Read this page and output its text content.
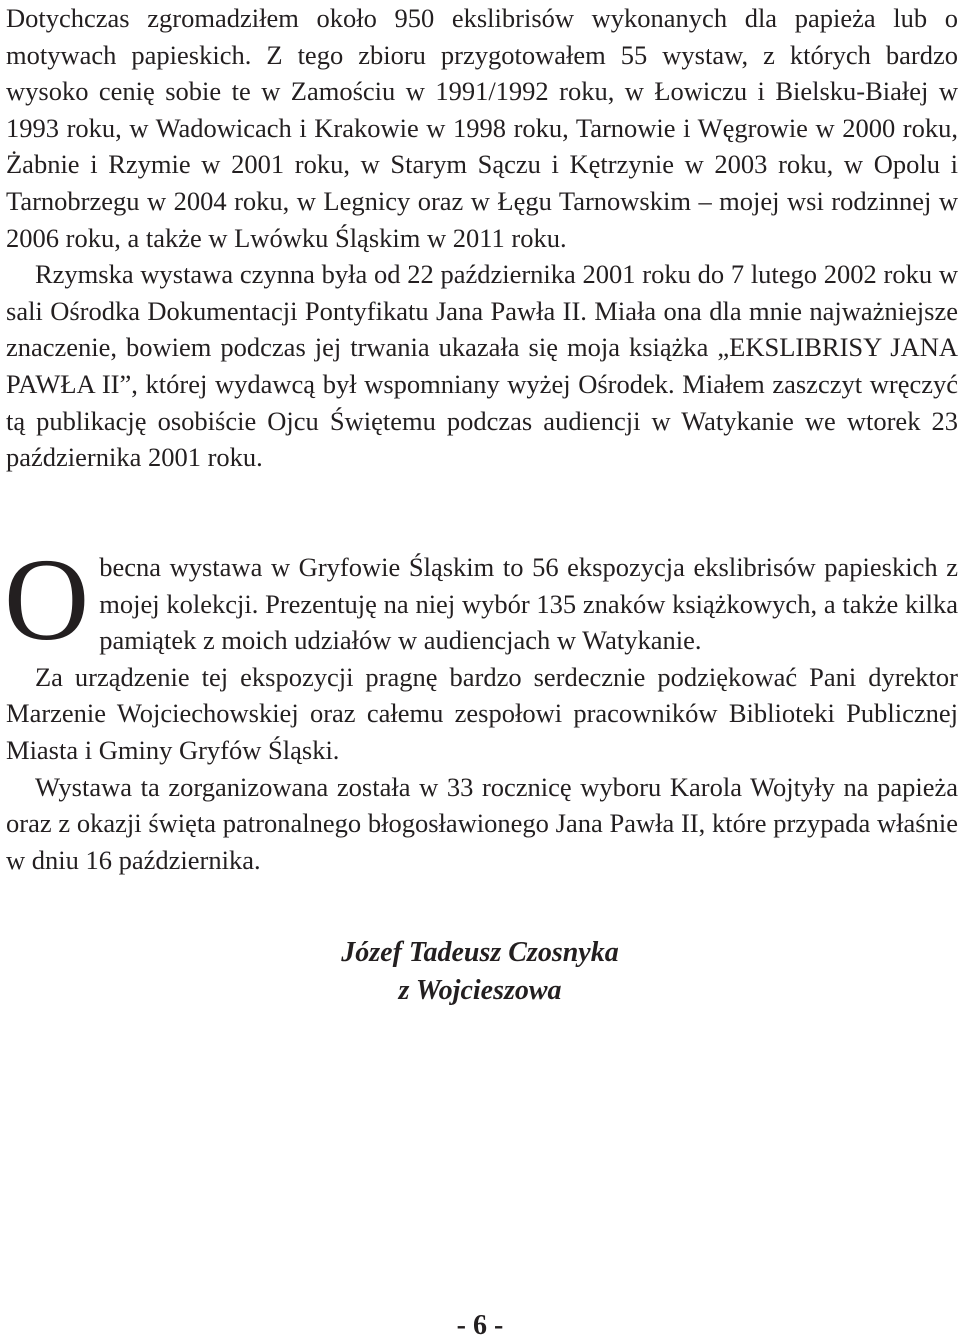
Dotychczas zgromadziłem około 950 ekslibrisów wykonanych dla papieża lub o motywach papieskich. Z tego zbioru przygotowałem 55 wystaw, z których bardzo wysoko cenię sobie te w Zamościu w 1991/1992 roku, w Łowiczu i Bielsku-Białej w 1993 roku, w Wadowicach i Krakowie w 1998 roku, Tarnowie i Węgrowie w 2000 roku, Żabnie i Rzymie w 2001 roku, w Starym Sączu i Kętrzynie w 2003 roku, w Opolu i Tarnobrzegu w 2004 roku, w Legnicy oraz w Łęgu Tarnowskim – mojej wsi rodzinnej w 2006 roku, a także w Lwówku Śląskim w 2011 roku.

Rzymska wystawa czynna była od 22 października 2001 roku do 7 lutego 2002 roku w sali Ośrodka Dokumentacji Pontyfikatu Jana Pawła II. Miała ona dla mnie najważniejsze znaczenie, bowiem podczas jej trwania ukazała się moja książka „EKSLIBRISY JANA PAWŁA II”, której wydawcą był wspomniany wyżej Ośrodek. Miałem zaszczyt wręczyć tą publikację osobiście Ojcu Świętemu podczas audiencji w Watykanie we wtorek 23 października 2001 roku.

Obecna wystawa w Gryfowie Śląskim to 56 ekspozycja ekslibrisów papieskich z mojej kolekcji. Prezentuję na niej wybór 135 znaków książkowych, a także kilka pamiątek z moich udziałów w audiencjach w Watykanie.

Za urządzenie tej ekspozycji pragnę bardzo serdecznie podziękować Pani dyrektor Marzenie Wojciechowskiej oraz całemu zespołowi pracowników Biblioteki Publicznej Miasta i Gminy Gryfów Śląski.

Wystawa ta zorganizowana została w 33 rocznicę wyboru Karola Wojtyły na papieża oraz z okazji święta patronalnego błogosławionego Jana Pawła II, które przypada właśnie w dniu 16 października.

Józef Tadeusz Czosnyka
z Wojcieszowa
- 6 -
